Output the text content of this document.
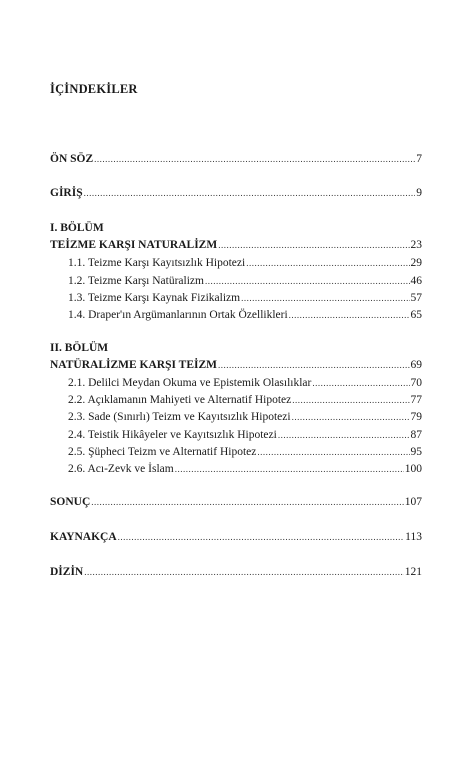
İÇİNDEKİLER
ÖN SÖZ .....	7
GİRİŞ .....	9
I. BÖLÜM
TEİZME KARŞI NATURALİZM .....	23
1.1. Teizme Karşı Kayıtsızlık Hipotezi .....	29
1.2. Teizme Karşı Natüralizm .....	46
1.3. Teizme Karşı Kaynak Fizikalizm .....	57
1.4. Draper'ın Argümanlarının Ortak Özellikleri .....	65
II. BÖLÜM
NATÜRALİZME KARŞI TEİZM .....	69
2.1. Delilci Meydan Okuma ve Epistemik Olasılıklar .....	70
2.2. Açıklamanın Mahiyeti ve Alternatif Hipotez .....	77
2.3. Sade (Sınırlı) Teizm ve Kayıtsızlık Hipotezi .....	79
2.4. Teistik Hikâyeler ve Kayıtsızlık Hipotezi .....	87
2.5. Şüpheci Teizm ve Alternatif Hipotez .....	95
2.6. Acı-Zevk ve İslam .....	100
SONUÇ .....	107
KAYNAKÇA .....	113
DİZİN .....	121
